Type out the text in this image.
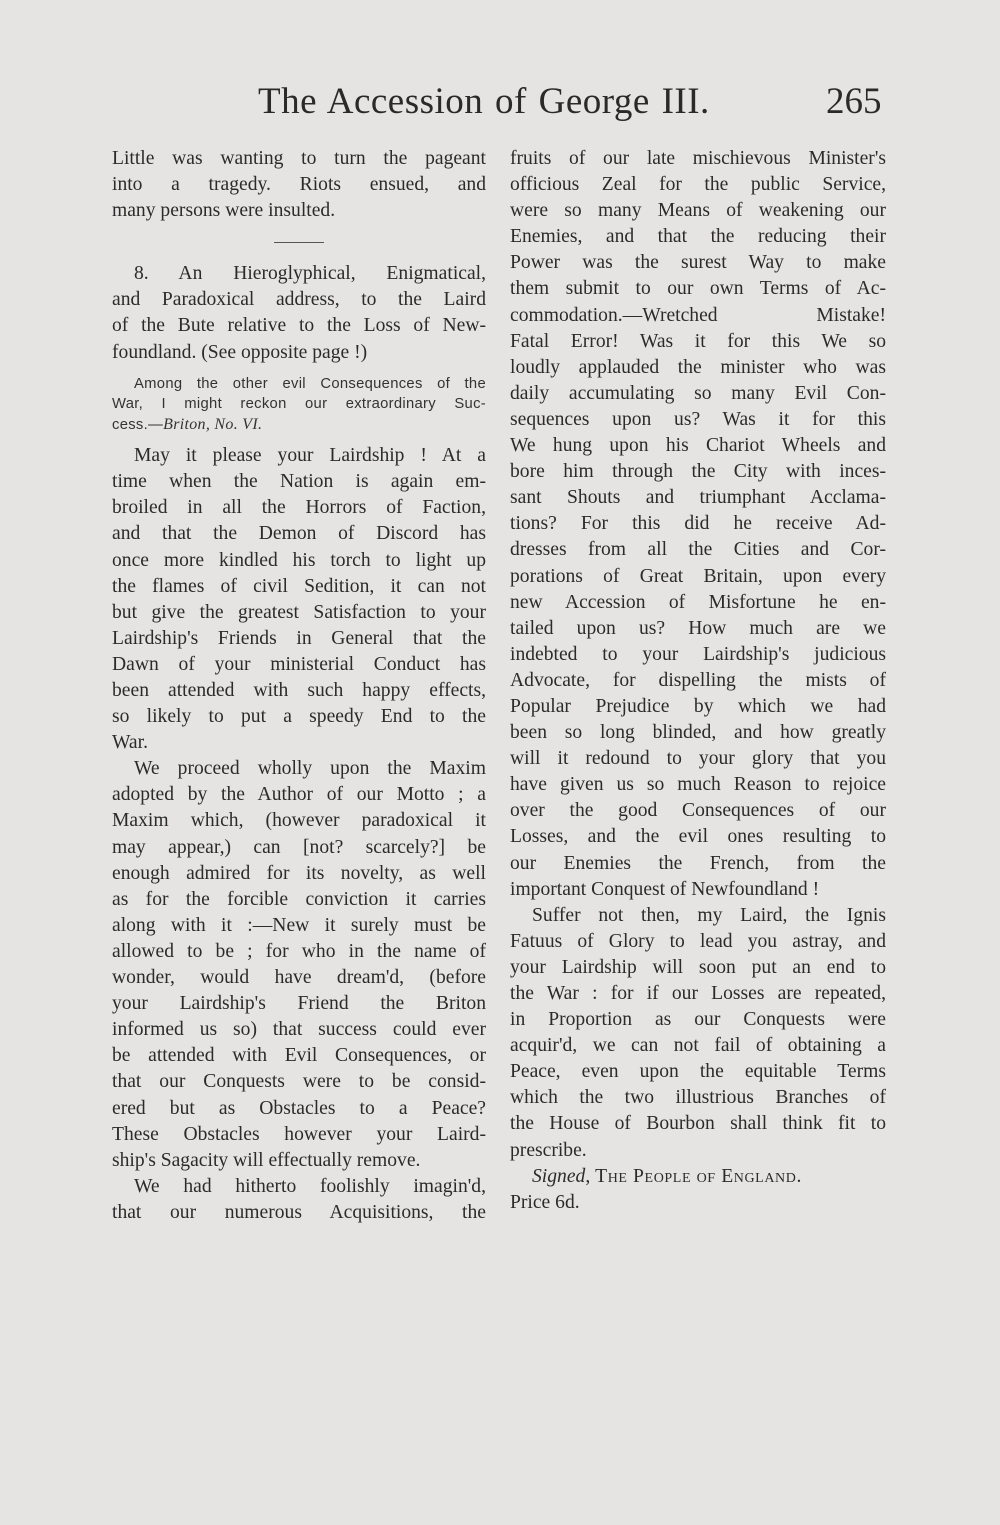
The Accession of George III.	265
Little was wanting to turn the pageant
into a tragedy. Riots ensued, and
many persons were insulted.
8. An Hieroglyphical, Enigmatical,
and Paradoxical address, to the Laird
of the Bute relative to the Loss of New-
foundland. (See opposite page !)
Among the other evil Consequences of the
War, I might reckon our extraordinary Suc-
cess.—Briton, No. VI.
May it please your Lairdship ! At a
time when the Nation is again em-
broiled in all the Horrors of Faction,
and that the Demon of Discord has
once more kindled his torch to light up
the flames of civil Sedition, it can not
but give the greatest Satisfaction to your
Lairdship's Friends in General that the
Dawn of your ministerial Conduct has
been attended with such happy effects,
so likely to put a speedy End to the
War.
We proceed wholly upon the Maxim
adopted by the Author of our Motto ; a
Maxim which, (however paradoxical it
may appear,) can [not? scarcely?] be
enough admired for its novelty, as well
as for the forcible conviction it carries
along with it :—New it surely must be
allowed to be ; for who in the name of
wonder, would have dream'd, (before
your Lairdship's Friend the Briton
informed us so) that success could ever
be attended with Evil Consequences, or
that our Conquests were to be consid-
ered but as Obstacles to a Peace?
These Obstacles however your Laird-
ship's Sagacity will effectually remove.
We had hitherto foolishly imagin'd,
that our numerous Acquisitions, the
fruits of our late mischievous Minister's
officious Zeal for the public Service,
were so many Means of weakening our
Enemies, and that the reducing their
Power was the surest Way to make
them submit to our own Terms of Ac-
commodation.—Wretched Mistake!
Fatal Error! Was it for this We so
loudly applauded the minister who was
daily accumulating so many Evil Con-
sequences upon us? Was it for this
We hung upon his Chariot Wheels and
bore him through the City with inces-
sant Shouts and triumphant Acclama-
tions? For this did he receive Ad-
dresses from all the Cities and Cor-
porations of Great Britain, upon every
new Accession of Misfortune he en-
tailed upon us? How much are we
indebted to your Lairdship's judicious
Advocate, for dispelling the mists of
Popular Prejudice by which we had
been so long blinded, and how greatly
will it redound to your glory that you
have given us so much Reason to rejoice
over the good Consequences of our
Losses, and the evil ones resulting to
our Enemies the French, from the
important Conquest of Newfoundland !
Suffer not then, my Laird, the Ignis
Fatuus of Glory to lead you astray, and
your Lairdship will soon put an end to
the War : for if our Losses are repeated,
in Proportion as our Conquests were
acquir'd, we can not fail of obtaining a
Peace, even upon the equitable Terms
which the two illustrious Branches of
the House of Bourbon shall think fit to
prescribe.
Signed, The People of England.
Price 6d.
